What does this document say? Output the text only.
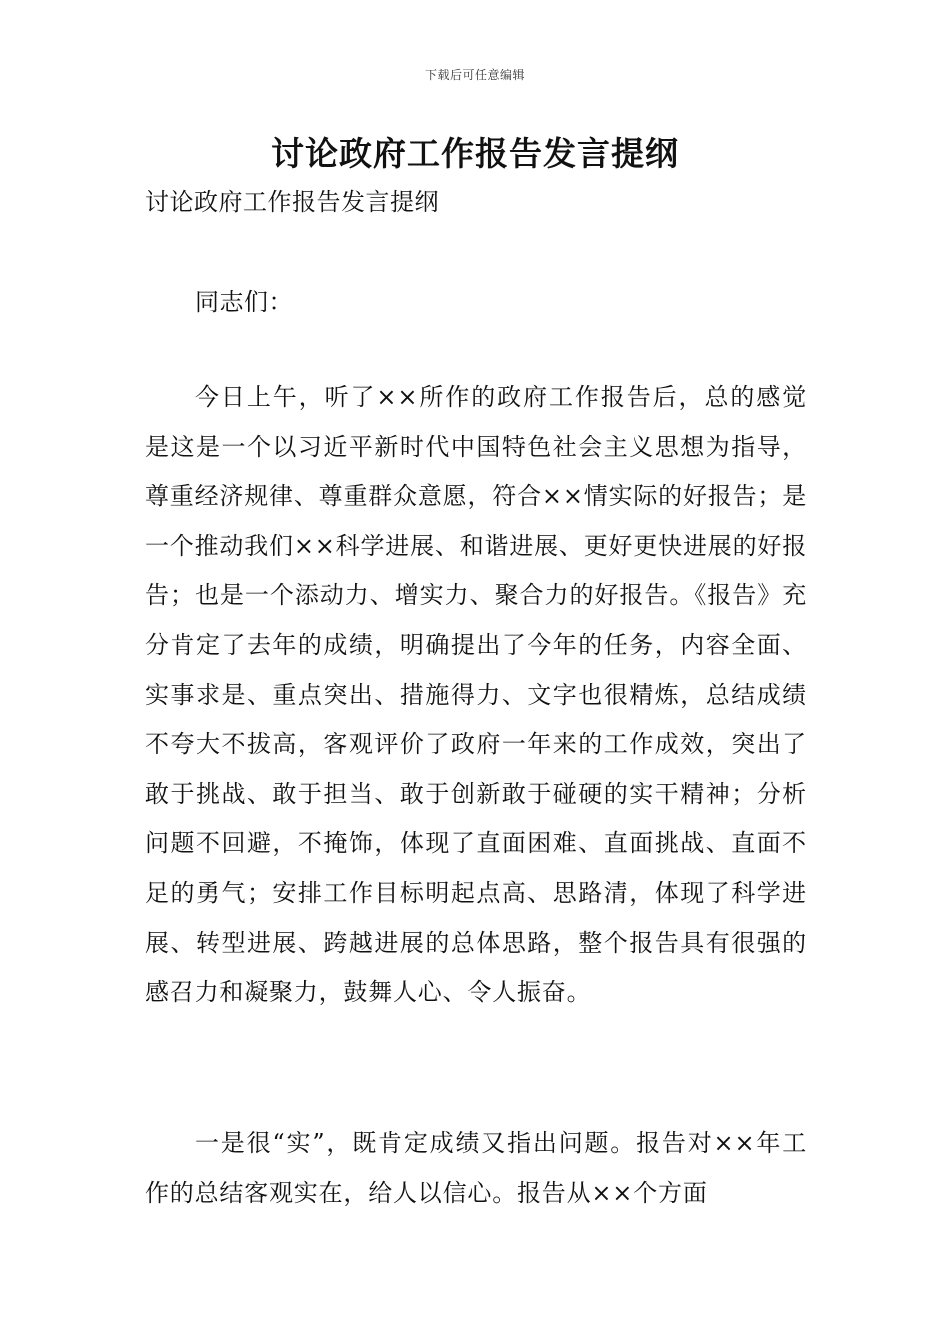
下载后可任意编辑
讨论政府工作报告发言提纲
讨论政府工作报告发言提纲
同志们：

今日上午，听了××所作的政府工作报告后，总的感觉是这是一个以习近平新时代中国特色社会主义思想为指导，尊重经济规律、尊重群众意愿，符合××情实际的好报告；是一个推动我们××科学进展、和谐进展、更好更快进展的好报告；也是一个添动力、增实力、聚合力的好报告。《报告》充分肯定了去年的成绩，明确提出了今年的任务，内容全面、实事求是、重点突出、措施得力、文字也很精炼，总结成绩不夸大不拔高，客观评价了政府一年来的工作成效，突出了敢于挑战、敢于担当、敢于创新敢于碰硬的实干精神；分析问题不回避，不掩饰，体现了直面困难、直面挑战、直面不足的勇气；安排工作目标明起点高、思路清，体现了科学进展、转型进展、跨越进展的总体思路，整个报告具有很强的感召力和凝聚力，鼓舞人心、令人振奋。

一是很“实”，既肯定成绩又指出问题。报告对××年工作的总结客观实在，给人以信心。报告从××个方面
